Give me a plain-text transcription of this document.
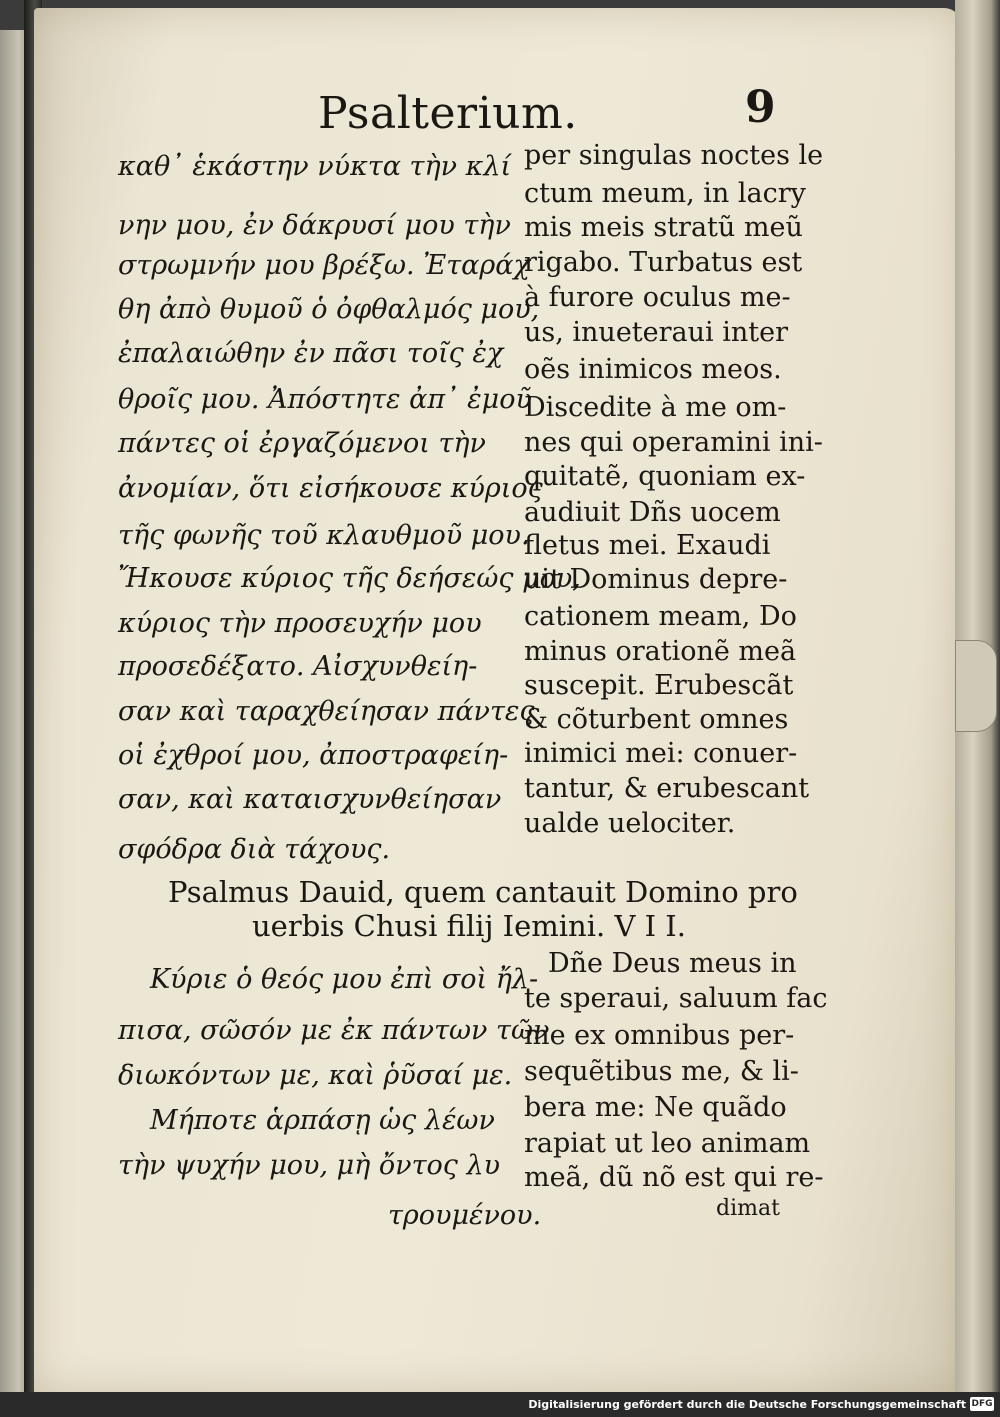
Psalterium.	9
καθ᾽ ἑκάστην νύκτα τὴν κλί
νην μου, ἐν δάκρυσί μου τὴν
στρωμνήν μου βρέξω. Ἐταράχ
θη ἀπὸ θυμοῦ ὁ ὀφθαλμός μου,
ἐπαλαιώθην ἐν πᾶσι τοῖς ἐχ
θροῖς μου. Ἀπόστητε ἀπ᾽ ἐμοῦ
πάντες οἱ ἐργαζόμενοι τὴν
ἀνομίαν, ὅτι εἰσήκουσε κύριος
τῆς φωνῆς τοῦ κλαυθμοῦ μου.
Ἤκουσε κύριος τῆς δεήσεώς μου,
κύριος τὴν προσευχήν μου
προσεδέξατο. Αἰσχυνθείη-
σαν καὶ ταραχθείησαν πάντες
οἱ ἐχθροί μου, ἀποστραφείη-
σαν, καὶ καταισχυνθείησαν
σφόδρα διὰ τάχους.
per singulas noctes le
ctum meum, in lacry
mis meis stratũ meũ
rigabo. Turbatus est
à furore oculus me-
us, inueteraui inter
oẽs inimicos meos.
Discedite à me om-
nes qui operamini ini-
quitatẽ, quoniam ex-
audiuit Dñs uocem
fletus mei. Exaudi
uit Dominus depre-
cationem meam, Do
minus orationẽ meã
suscepit. Erubescãt
& cõturbent omnes
inimici mei: conuer-
tantur, & erubescant
ualde uelociter.
Psalmus Dauid, quem cantauit Domino pro
uerbis Chusi filij Iemini. V I I.
Κύριε ὁ θεός μου ἐπὶ σοὶ ἤλ-
πισα, σῶσόν με ἐκ πάντων τῶν
διωκόντων με, καὶ ῥῦσαί με.
Μήποτε ἁρπάσῃ ὡς λέων
τὴν ψυχήν μου, μὴ ὄντος λυ
τρουμένου.
Dñe Deus meus in
te speraui, saluum fac
me ex omnibus per-
sequẽtibus me, & li-
bera me: Ne quãdo
rapiat ut leo animam
meã, dũ nõ est qui re-
dimat
Digitalisierung gefördert durch die Deutsche Forschungsgemeinschaft DFG
